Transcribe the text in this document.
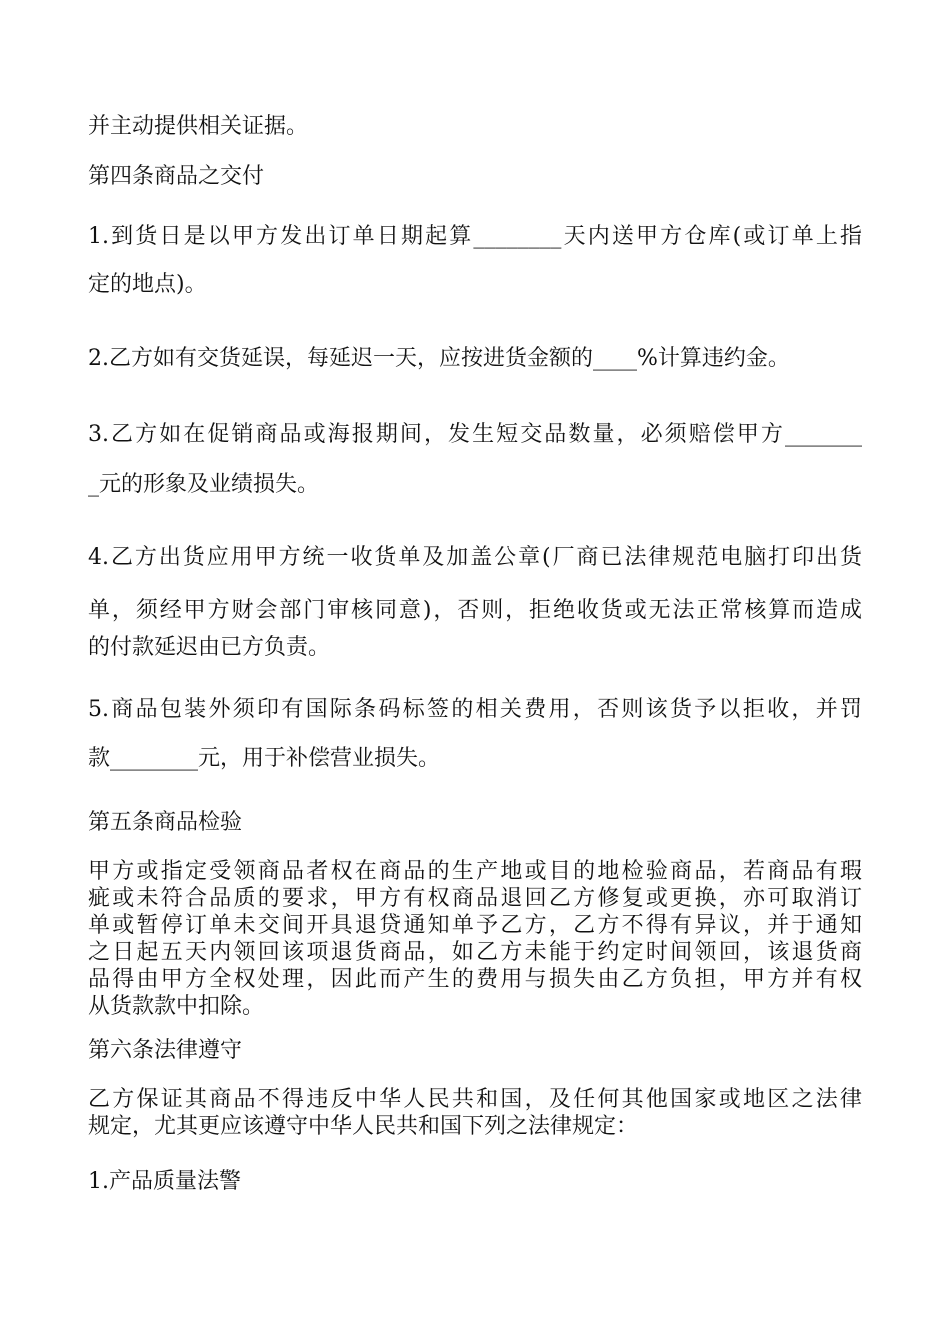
并主动提供相关证据。
第四条商品之交付
1.到货日是以甲方发出订单日期起算________天内送甲方仓库(或订单上指
定的地点)。
2.乙方如有交货延误，每延迟一天，应按进货金额的____%计算违约金。
3.乙方如在促销商品或海报期间，发生短交品数量，必须赔偿甲方_______
_元的形象及业绩损失。
4.乙方出货应用甲方统一收货单及加盖公章(厂商已法律规范电脑打印出货
单，须经甲方财会部门审核同意)，否则，拒绝收货或无法正常核算而造成
的付款延迟由已方负责。
5.商品包装外须印有国际条码标签的相关费用，否则该货予以拒收，并罚
款________元，用于补偿营业损失。
第五条商品检验
甲方或指定受领商品者权在商品的生产地或目的地检验商品，若商品有瑕
疵或未符合品质的要求，甲方有权商品退回乙方修复或更换，亦可取消订
单或暂停订单未交间开具退贷通知单予乙方，乙方不得有异议，并于通知
之日起五天内领回该项退货商品，如乙方未能于约定时间领回，该退货商
品得由甲方全权处理，因此而产生的费用与损失由乙方负担，甲方并有权
从货款款中扣除。
第六条法律遵守
乙方保证其商品不得违反中华人民共和国，及任何其他国家或地区之法律
规定，尤其更应该遵守中华人民共和国下列之法律规定：
1.产品质量法警
